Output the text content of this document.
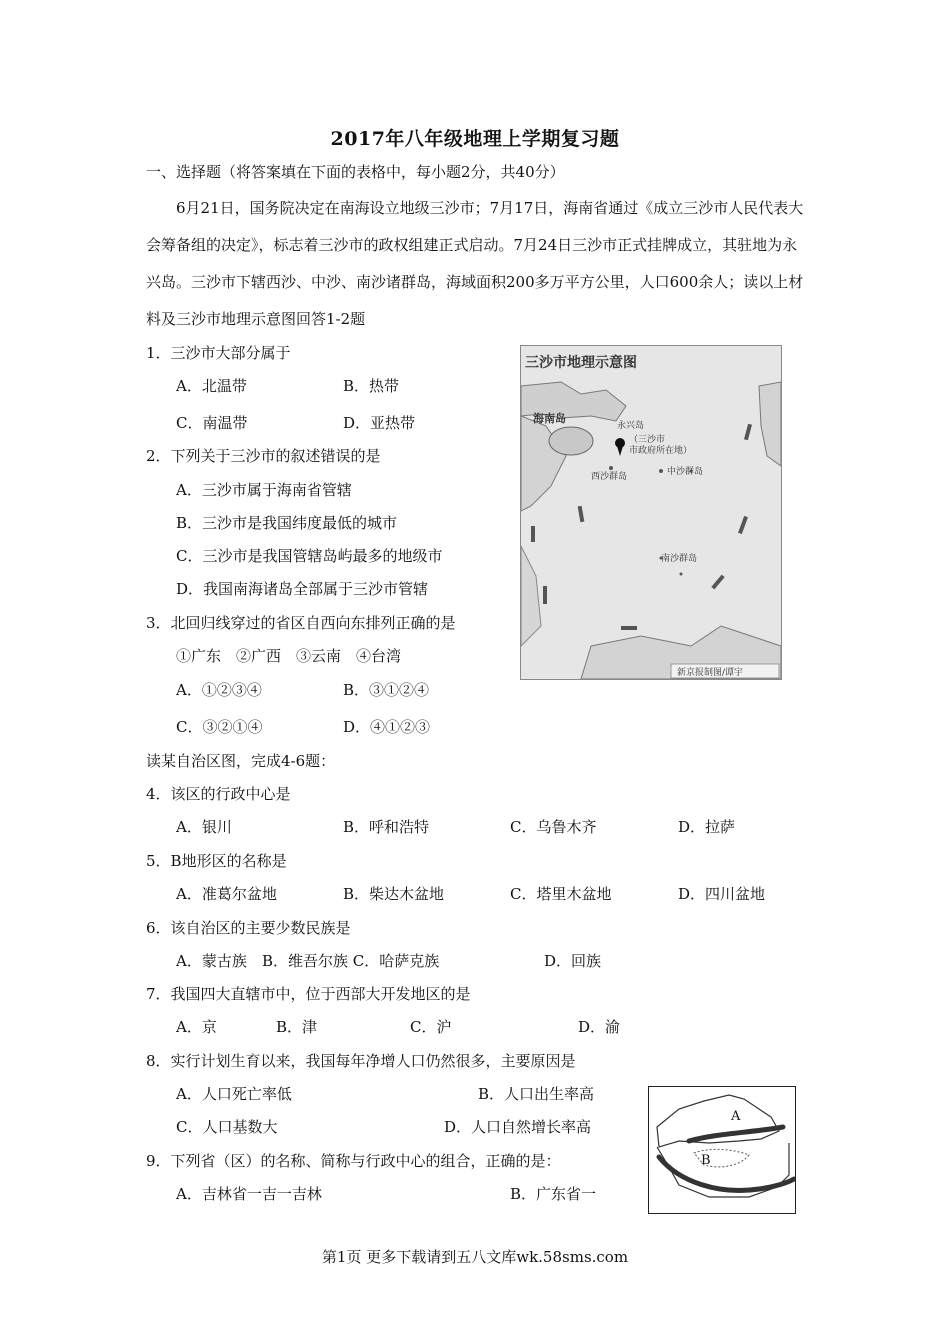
2017年八年级地理上学期复习题
一、选择题（将答案填在下面的表格中，每小题2分，共40分）
6月21日，国务院决定在南海设立地级三沙市；7月17日，海南省通过《成立三沙市人民代表大会筹备组的决定》，标志着三沙市的政权组建正式启动。7月24日三沙市正式挂牌成立，其驻地为永兴岛。三沙市下辖西沙、中沙、南沙诸群岛，海域面积200多万平方公里，人口600余人；读以上材料及三沙市地理示意图回答1-2题
1．三沙市大部分属于
A．北温带	B．热带
C．南温带	D．亚热带
2．下列关于三沙市的叙述错误的是
A．三沙市属于海南省管辖
B．三沙市是我国纬度最低的城市
C．三沙市是我国管辖岛屿最多的地级市
D．我国南海诸岛全部属于三沙市管辖
3．北回归线穿过的省区自西向东排列正确的是
①广东　②广西　③云南　④台湾
A．①②③④	B．③①②④
C．③②①④	D．④①②③
读某自治区图，完成4-6题：
4．该区的行政中心是
A．银川	B．呼和浩特	C．乌鲁木齐	D．拉萨
5．B地形区的名称是
A．准葛尔盆地	B．柴达木盆地	C．塔里木盆地	D．四川盆地
6．该自治区的主要少数民族是
A．蒙古族 B．维吾尔族 C．哈萨克族	D．回族
7．我国四大直辖市中，位于西部大开发地区的是
A．京	B．津	C．沪	D．渝
8．实行计划生育以来，我国每年净增人口仍然很多，主要原因是
A．人口死亡率低	B．人口出生率高
C．人口基数大	D．人口自然增长率高
9．下列省（区）的名称、简称与行政中心的组合，正确的是：
A．吉林省一吉一吉林	B．广东省一
三沙市地理示意图
海南岛
永兴岛
（三沙市
市政府所在地）
西沙群岛	中沙群岛
南沙群岛
新京报制图/谭宇
A
B
第1页 更多下载请到五八文库wk.58sms.com
